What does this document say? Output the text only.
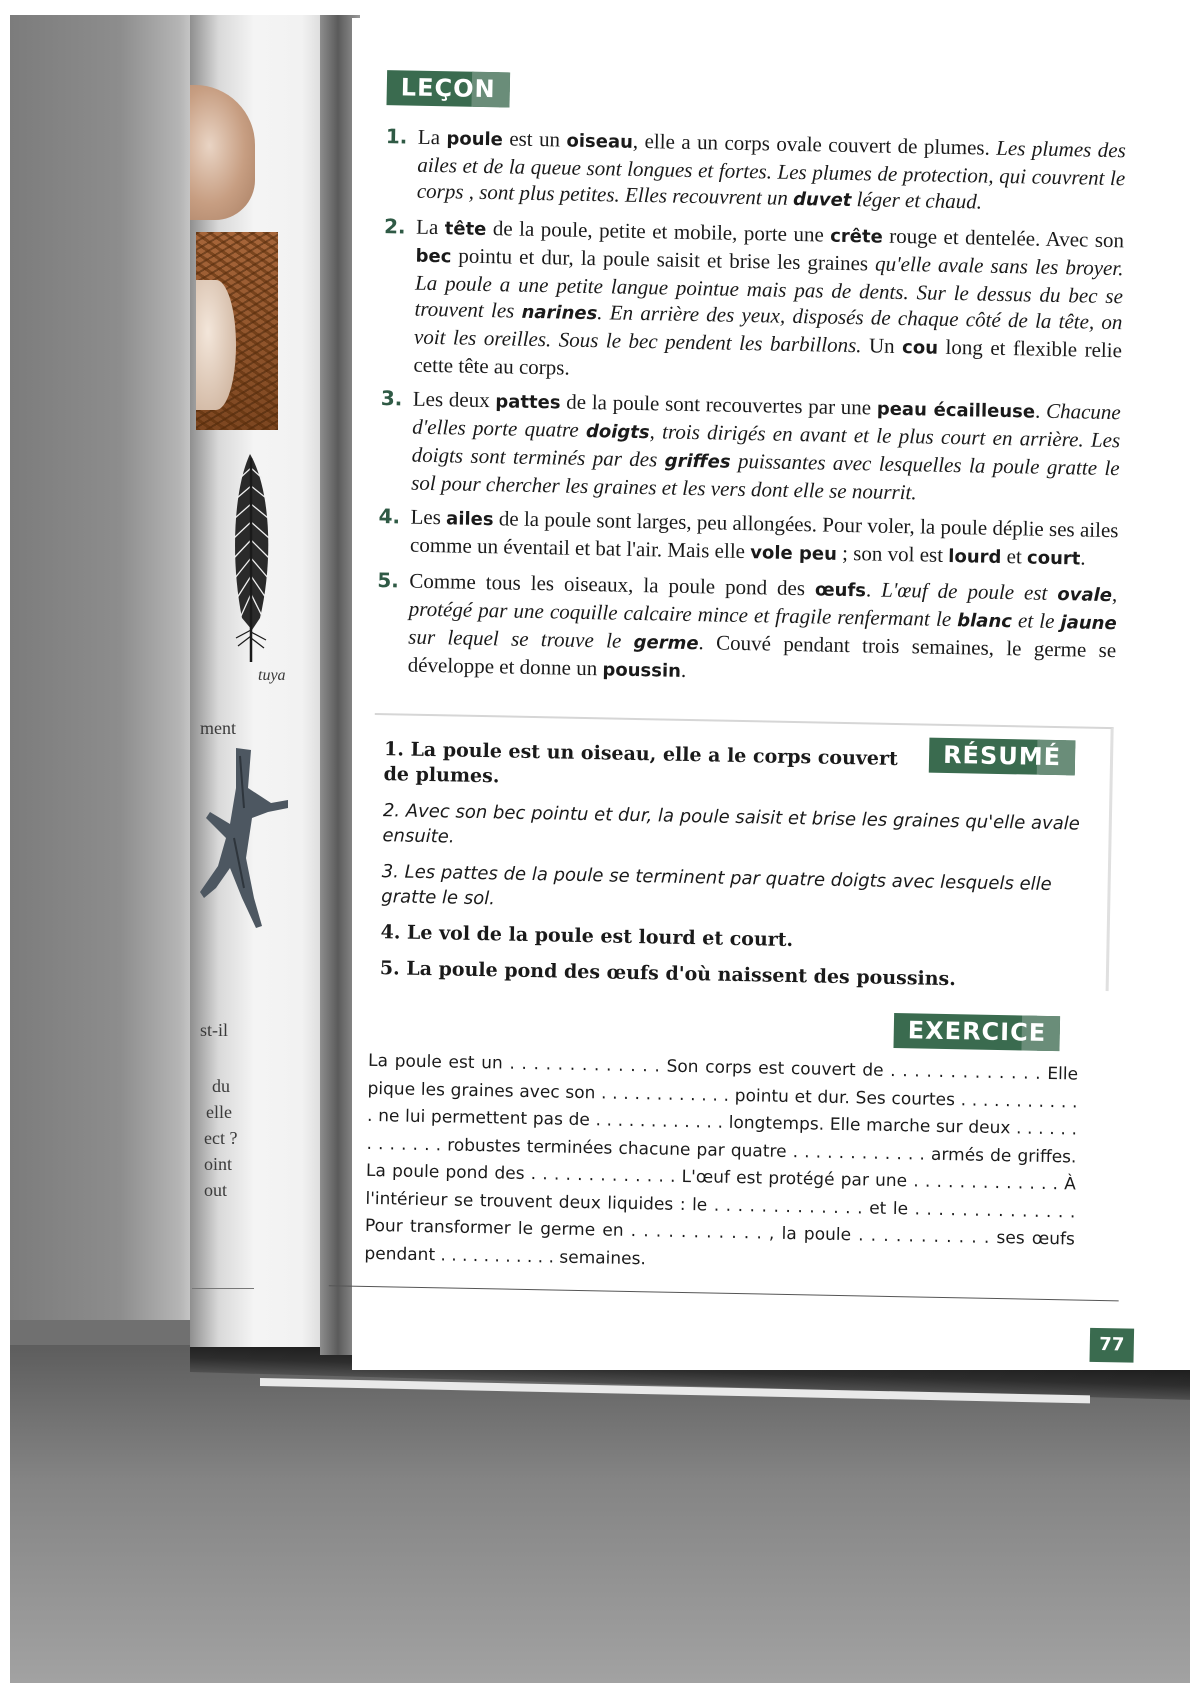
tuya
ment
st-il
du
elle
ect ?
oint
out
LEÇON
1. La poule est un oiseau, elle a un corps ovale couvert de plumes. Les plumes des ailes et de la queue sont longues et fortes. Les plumes de protection, qui couvrent le corps , sont plus petites. Elles recouvrent un duvet léger et chaud.
2. La tête de la poule, petite et mobile, porte une crête rouge et dentelée. Avec son bec pointu et dur, la poule saisit et brise les graines qu'elle avale sans les broyer. La poule a une petite langue pointue mais pas de dents. Sur le dessus du bec se trouvent les narines. En arrière des yeux, disposés de chaque côté de la tête, on voit les oreilles. Sous le bec pendent les barbillons. Un cou long et flexible relie cette tête au corps.
3. Les deux pattes de la poule sont recouvertes par une peau écailleuse. Chacune d'elles porte quatre doigts, trois dirigés en avant et le plus court en arrière. Les doigts sont terminés par des griffes puissantes avec lesquelles la poule gratte le sol pour chercher les graines et les vers dont elle se nourrit.
4. Les ailes de la poule sont larges, peu allongées. Pour voler, la poule déplie ses ailes comme un éventail et bat l'air. Mais elle vole peu ; son vol est lourd et court.
5. Comme tous les oiseaux, la poule pond des œufs. L'œuf de poule est ovale, protégé par une coquille calcaire mince et fragile renfermant le blanc et le jaune sur lequel se trouve le germe. Couvé pendant trois semaines, le germe se développe et donne un poussin.
RÉSUMÉ

1. La poule est un oiseau, elle a le corps couvert de plumes.

2. Avec son bec pointu et dur, la poule saisit et brise les graines qu'elle avale ensuite.

3. Les pattes de la poule se terminent par quatre doigts avec lesquels elle gratte le sol.

4. Le vol de la poule est lourd et court.

5. La poule pond des œufs d'où naissent des poussins.

EXERCICE
La poule est un . . . . . . . . . . . . . Son corps est couvert de . . . . . . . . . . . . . Elle pique les graines avec son . . . . . . . . . . . . pointu et dur. Ses courtes . . . . . . . . . . . . ne lui permettent pas de . . . . . . . . . . . . longtemps. Elle marche sur deux . . . . . . . . . . . . . robustes terminées chacune par quatre . . . . . . . . . . . . armés de griffes. La poule pond des . . . . . . . . . . . . . L'œuf est protégé par une . . . . . . . . . . . . . À l'intérieur se trouvent deux liquides : le . . . . . . . . . . . . . et le . . . . . . . . . . . . . . Pour transformer le germe en . . . . . . . . . . . , la poule . . . . . . . . . . . ses œufs pendant . . . . . . . . . . . semaines.
77
